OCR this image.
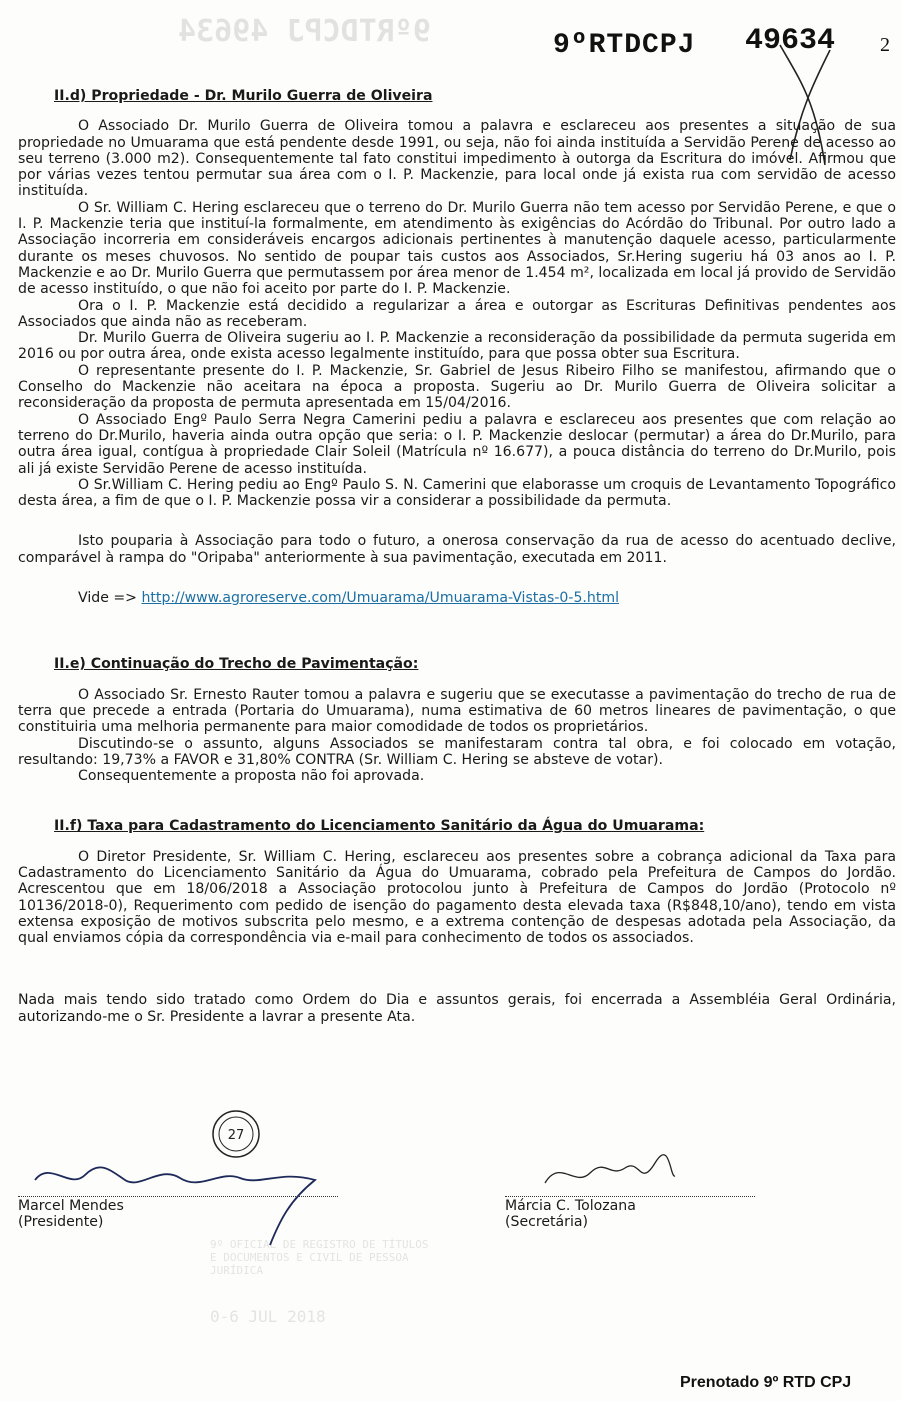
9ºRTDCPJ 49634	9ºRTDCPJ 49634 2
II.d) Propriedade - Dr. Murilo Guerra de Oliveira

O Associado Dr. Murilo Guerra de Oliveira tomou a palavra e esclareceu aos presentes a situação de sua propriedade no Umuarama que está pendente desde 1991, ou seja, não foi ainda instituída a Servidão Perene de acesso ao seu terreno (3.000 m2). Consequentemente tal fato constitui impedimento à outorga da Escritura do imóvel. Afirmou que por várias vezes tentou permutar sua área com o I. P. Mackenzie, para local onde já exista rua com servidão de acesso instituída.

O Sr. William C. Hering esclareceu que o terreno do Dr. Murilo Guerra não tem acesso por Servidão Perene, e que o I. P. Mackenzie teria que instituí-la formalmente, em atendimento às exigências do Acórdão do Tribunal. Por outro lado a Associação incorreria em consideráveis encargos adicionais pertinentes à manutenção daquele acesso, particularmente durante os meses chuvosos. No sentido de poupar tais custos aos Associados, Sr.Hering sugeriu há 03 anos ao I. P. Mackenzie e ao Dr. Murilo Guerra que permutassem por área menor de 1.454 m², localizada em local já provido de Servidão de acesso instituído, o que não foi aceito por parte do I. P. Mackenzie.

Ora o I. P. Mackenzie está decidido a regularizar a área e outorgar as Escrituras Definitivas pendentes aos Associados que ainda não as receberam.

Dr. Murilo Guerra de Oliveira sugeriu ao I. P. Mackenzie a reconsideração da possibilidade da permuta sugerida em 2016 ou por outra área, onde exista acesso legalmente instituído, para que possa obter sua Escritura.

O representante presente do I. P. Mackenzie, Sr. Gabriel de Jesus Ribeiro Filho se manifestou, afirmando que o Conselho do Mackenzie não aceitara na época a proposta. Sugeriu ao Dr. Murilo Guerra de Oliveira solicitar a reconsideração da proposta de permuta apresentada em 15/04/2016.

O Associado Engº Paulo Serra Negra Camerini pediu a palavra e esclareceu aos presentes que com relação ao terreno do Dr.Murilo, haveria ainda outra opção que seria: o I. P. Mackenzie deslocar (permutar) a área do Dr.Murilo, para outra área igual, contígua à propriedade Clair Soleil (Matrícula nº 16.677), a pouca distância do terreno do Dr.Murilo, pois ali já existe Servidão Perene de acesso instituída.

O Sr.William C. Hering pediu ao Engº Paulo S. N. Camerini que elaborasse um croquis de Levantamento Topográfico desta área, a fim de que o I. P. Mackenzie possa vir a considerar a possibilidade da permuta.

Isto pouparia à Associação para todo o futuro, a onerosa conservação da rua de acesso do acentuado declive, comparável à rampa do "Oripaba" anteriormente à sua pavimentação, executada em 2011.

Vide => http://www.agroreserve.com/Umuarama/Umuarama-Vistas-0-5.html
II.e) Continuação do Trecho de Pavimentação:

O Associado Sr. Ernesto Rauter tomou a palavra e sugeriu que se executasse a pavimentação do trecho de rua de terra que precede a entrada (Portaria do Umuarama), numa estimativa de 60 metros lineares de pavimentação, o que constituiria uma melhoria permanente para maior comodidade de todos os proprietários.

Discutindo-se o assunto, alguns Associados se manifestaram contra tal obra, e foi colocado em votação, resultando: 19,73% a FAVOR e 31,80% CONTRA (Sr. William C. Hering se absteve de votar).

Consequentemente a proposta não foi aprovada.

II.f) Taxa para Cadastramento do Licenciamento Sanitário da Água do Umuarama:

O Diretor Presidente, Sr. William C. Hering, esclareceu aos presentes sobre a cobrança adicional da Taxa para Cadastramento do Licenciamento Sanitário da Água do Umuarama, cobrado pela Prefeitura de Campos do Jordão. Acrescentou que em 18/06/2018 a Associação protocolou junto à Prefeitura de Campos do Jordão (Protocolo nº 10136/2018-0), Requerimento com pedido de isenção do pagamento desta elevada taxa (R$848,10/ano), tendo em vista extensa exposição de motivos subscrita pelo mesmo, e a extrema contenção de despesas adotada pela Associação, da qual enviamos cópia da correspondência via e-mail para conhecimento de todos os associados.

Nada mais tendo sido tratado como Ordem do Dia e assuntos gerais, foi encerrada a Assembléia Geral Ordinária, autorizando-me o Sr. Presidente a lavrar a presente Ata.

27
Marcel Mendes
(Presidente)
Márcia C. Tolozana
(Secretária)
9º OFICIAL DE REGISTRO DE TÍTULOS
E DOCUMENTOS E CIVIL DE PESSOA
JURÍDICA
0-6 JUL 2018
Prenotado 9º RTD CPJ
